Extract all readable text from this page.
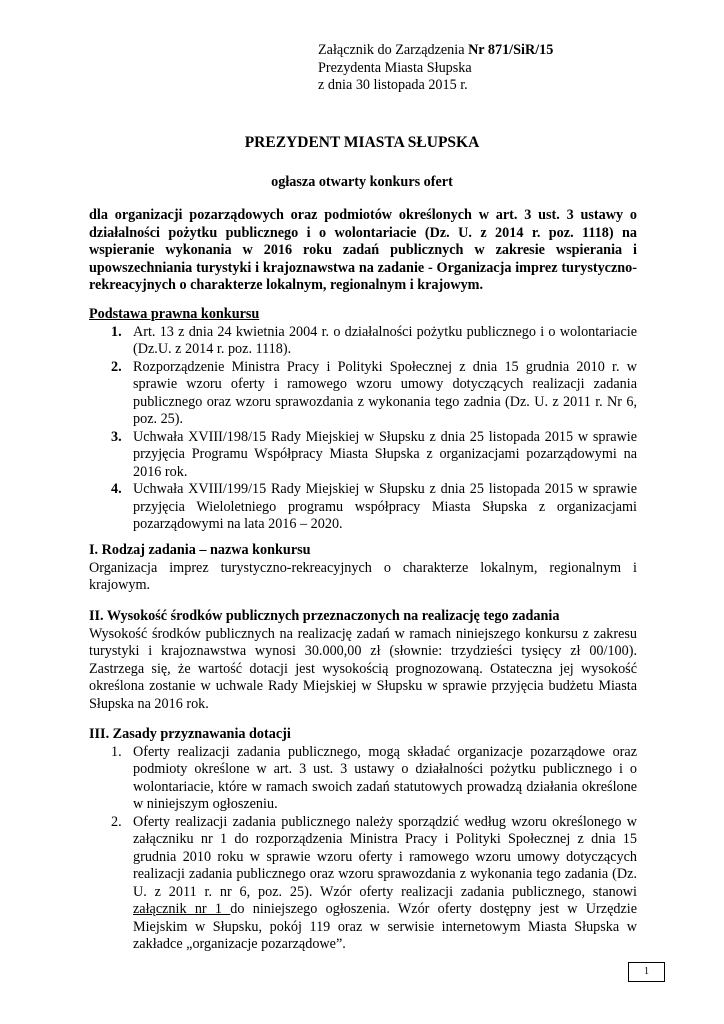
Załącznik do Zarządzenia Nr 871/SiR/15
Prezydenta Miasta Słupska
z dnia 30 listopada 2015 r.
PREZYDENT MIASTA SŁUPSKA
ogłasza otwarty konkurs ofert
dla organizacji pozarządowych oraz podmiotów określonych w art. 3 ust. 3 ustawy o działalności pożytku publicznego i o wolontariacie (Dz. U. z 2014 r. poz. 1118) na wspieranie wykonania w 2016 roku zadań publicznych w zakresie wspierania i upowszechniania turystyki i krajoznawstwa na zadanie - Organizacja imprez turystyczno-rekreacyjnych o charakterze lokalnym, regionalnym i krajowym.
Podstawa prawna konkursu
1. Art. 13 z dnia 24 kwietnia 2004 r. o działalności pożytku publicznego i o wolontariacie (Dz.U. z 2014 r. poz. 1118).
2. Rozporządzenie Ministra Pracy i Polityki Społecznej z dnia 15 grudnia 2010 r. w sprawie wzoru oferty i ramowego wzoru umowy dotyczących realizacji zadania publicznego oraz wzoru sprawozdania z wykonania tego zadnia (Dz. U. z 2011 r. Nr 6, poz. 25).
3. Uchwała XVIII/198/15 Rady Miejskiej w Słupsku z dnia 25 listopada 2015 w sprawie przyjęcia Programu Współpracy Miasta Słupska z organizacjami pozarządowymi na 2016 rok.
4. Uchwała XVIII/199/15 Rady Miejskiej w Słupsku z dnia 25 listopada 2015 w sprawie przyjęcia Wieloletniego programu współpracy Miasta Słupska z organizacjami pozarządowymi na lata 2016 – 2020.
I. Rodzaj zadania – nazwa konkursu
Organizacja imprez turystyczno-rekreacyjnych o charakterze lokalnym, regionalnym i krajowym.
II. Wysokość środków publicznych przeznaczonych na realizację tego zadania
Wysokość środków publicznych na realizację zadań w ramach niniejszego konkursu z zakresu turystyki i krajoznawstwa wynosi 30.000,00 zł (słownie: trzydzieści tysięcy zł 00/100). Zastrzega się, że wartość dotacji jest wysokością prognozowaną. Ostateczna jej wysokość określona zostanie w uchwale Rady Miejskiej w Słupsku w sprawie przyjęcia budżetu Miasta Słupska na 2016 rok.
III. Zasady przyznawania dotacji
1. Oferty realizacji zadania publicznego, mogą składać organizacje pozarządowe oraz podmioty określone w art. 3 ust. 3 ustawy o działalności pożytku publicznego i o wolontariacie, które w ramach swoich zadań statutowych prowadzą działania określone w niniejszym ogłoszeniu.
2. Oferty realizacji zadania publicznego należy sporządzić według wzoru określonego w załączniku nr 1 do rozporządzenia Ministra Pracy i Polityki Społecznej z dnia 15 grudnia 2010 roku w sprawie wzoru oferty i ramowego wzoru umowy dotyczących realizacji zadania publicznego oraz wzoru sprawozdania z wykonania tego zadania (Dz. U. z 2011 r. nr 6, poz. 25). Wzór oferty realizacji zadania publicznego, stanowi załącznik nr 1 do niniejszego ogłoszenia. Wzór oferty dostępny jest w Urzędzie Miejskim w Słupsku, pokój 119 oraz w serwisie internetowym Miasta Słupska w zakładce „organizacje pozarządowe”.
1
